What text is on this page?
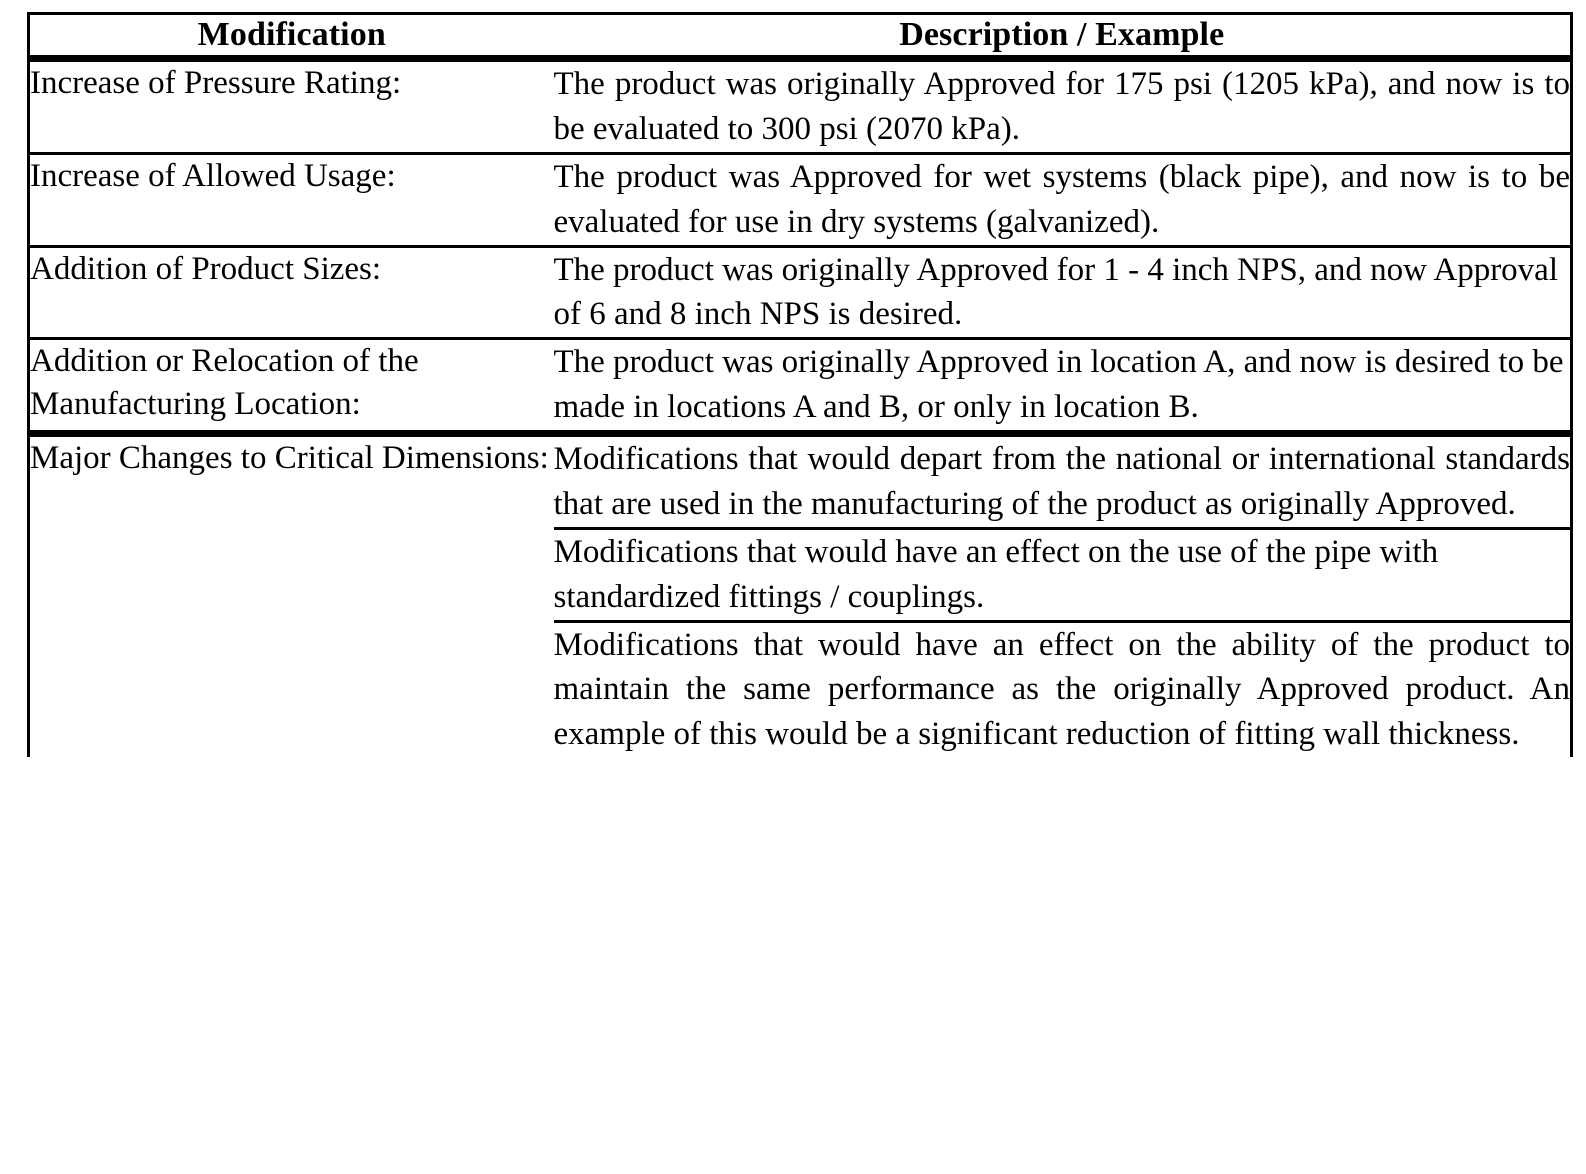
Modification	Description / Example
Increase of Pressure Rating:	The product was originally Approved for 175 psi (1205 kPa), and now is to be evaluated to 300 psi (2070 kPa).
Increase of Allowed Usage:	The product was Approved for wet systems (black pipe), and now is to be evaluated for use in dry systems (galvanized).
Addition of Product Sizes:	The product was originally Approved for 1 - 4 inch NPS, and now Approval of 6 and 8 inch NPS is desired.
Addition or Relocation of the Manufacturing Location:	The product was originally Approved in location A, and now is desired to be made in locations A and B, or only in location B.
Major Changes to Critical Dimensions:	Modifications that would depart from the national or international standards that are used in the manufacturing of the product as originally Approved.
Modifications that would have an effect on the use of the pipe with standardized fittings / couplings.
Modifications that would have an effect on the ability of the product to maintain the same performance as the originally Approved product. An example of this would be a significant reduction of fitting wall thickness.
